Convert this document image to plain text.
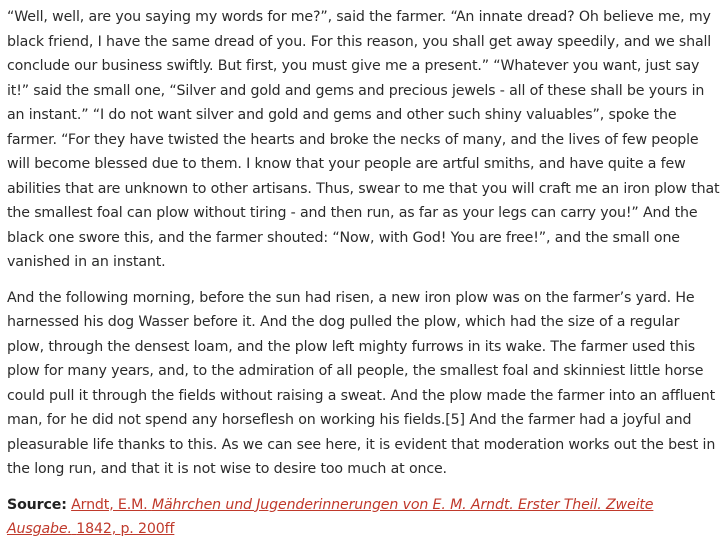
“Well, well, are you saying my words for me?”, said the farmer. “An innate dread? Oh believe me, my black friend, I have the same dread of you. For this reason, you shall get away speedily, and we shall conclude our business swiftly. But first, you must give me a present.” “Whatever you want, just say it!” said the small one, “Silver and gold and gems and precious jewels - all of these shall be yours in an instant.” “I do not want silver and gold and gems and other such shiny valuables”, spoke the farmer. “For they have twisted the hearts and broke the necks of many, and the lives of few people will become blessed due to them. I know that your people are artful smiths, and have quite a few abilities that are unknown to other artisans. Thus, swear to me that you will craft me an iron plow that the smallest foal can plow without tiring - and then run, as far as your legs can carry you!” And the black one swore this, and the farmer shouted: “Now, with God! You are free!”, and the small one vanished in an instant.

And the following morning, before the sun had risen, a new iron plow was on the farmer’s yard. He harnessed his dog Wasser before it. And the dog pulled the plow, which had the size of a regular plow, through the densest loam, and the plow left mighty furrows in its wake. The farmer used this plow for many years, and, to the admiration of all people, the smallest foal and skinniest little horse could pull it through the fields without raising a sweat. And the plow made the farmer into an affluent man, for he did not spend any horseflesh on working his fields.[5] And the farmer had a joyful and pleasurable life thanks to this. As we can see here, it is evident that moderation works out the best in the long run, and that it is not wise to desire too much at once.

Source: Arndt, E.M. Mährchen und Jugenderinnerungen von E. M. Arndt. Erster Theil. Zweite Ausgabe. 1842, p. 200ff
